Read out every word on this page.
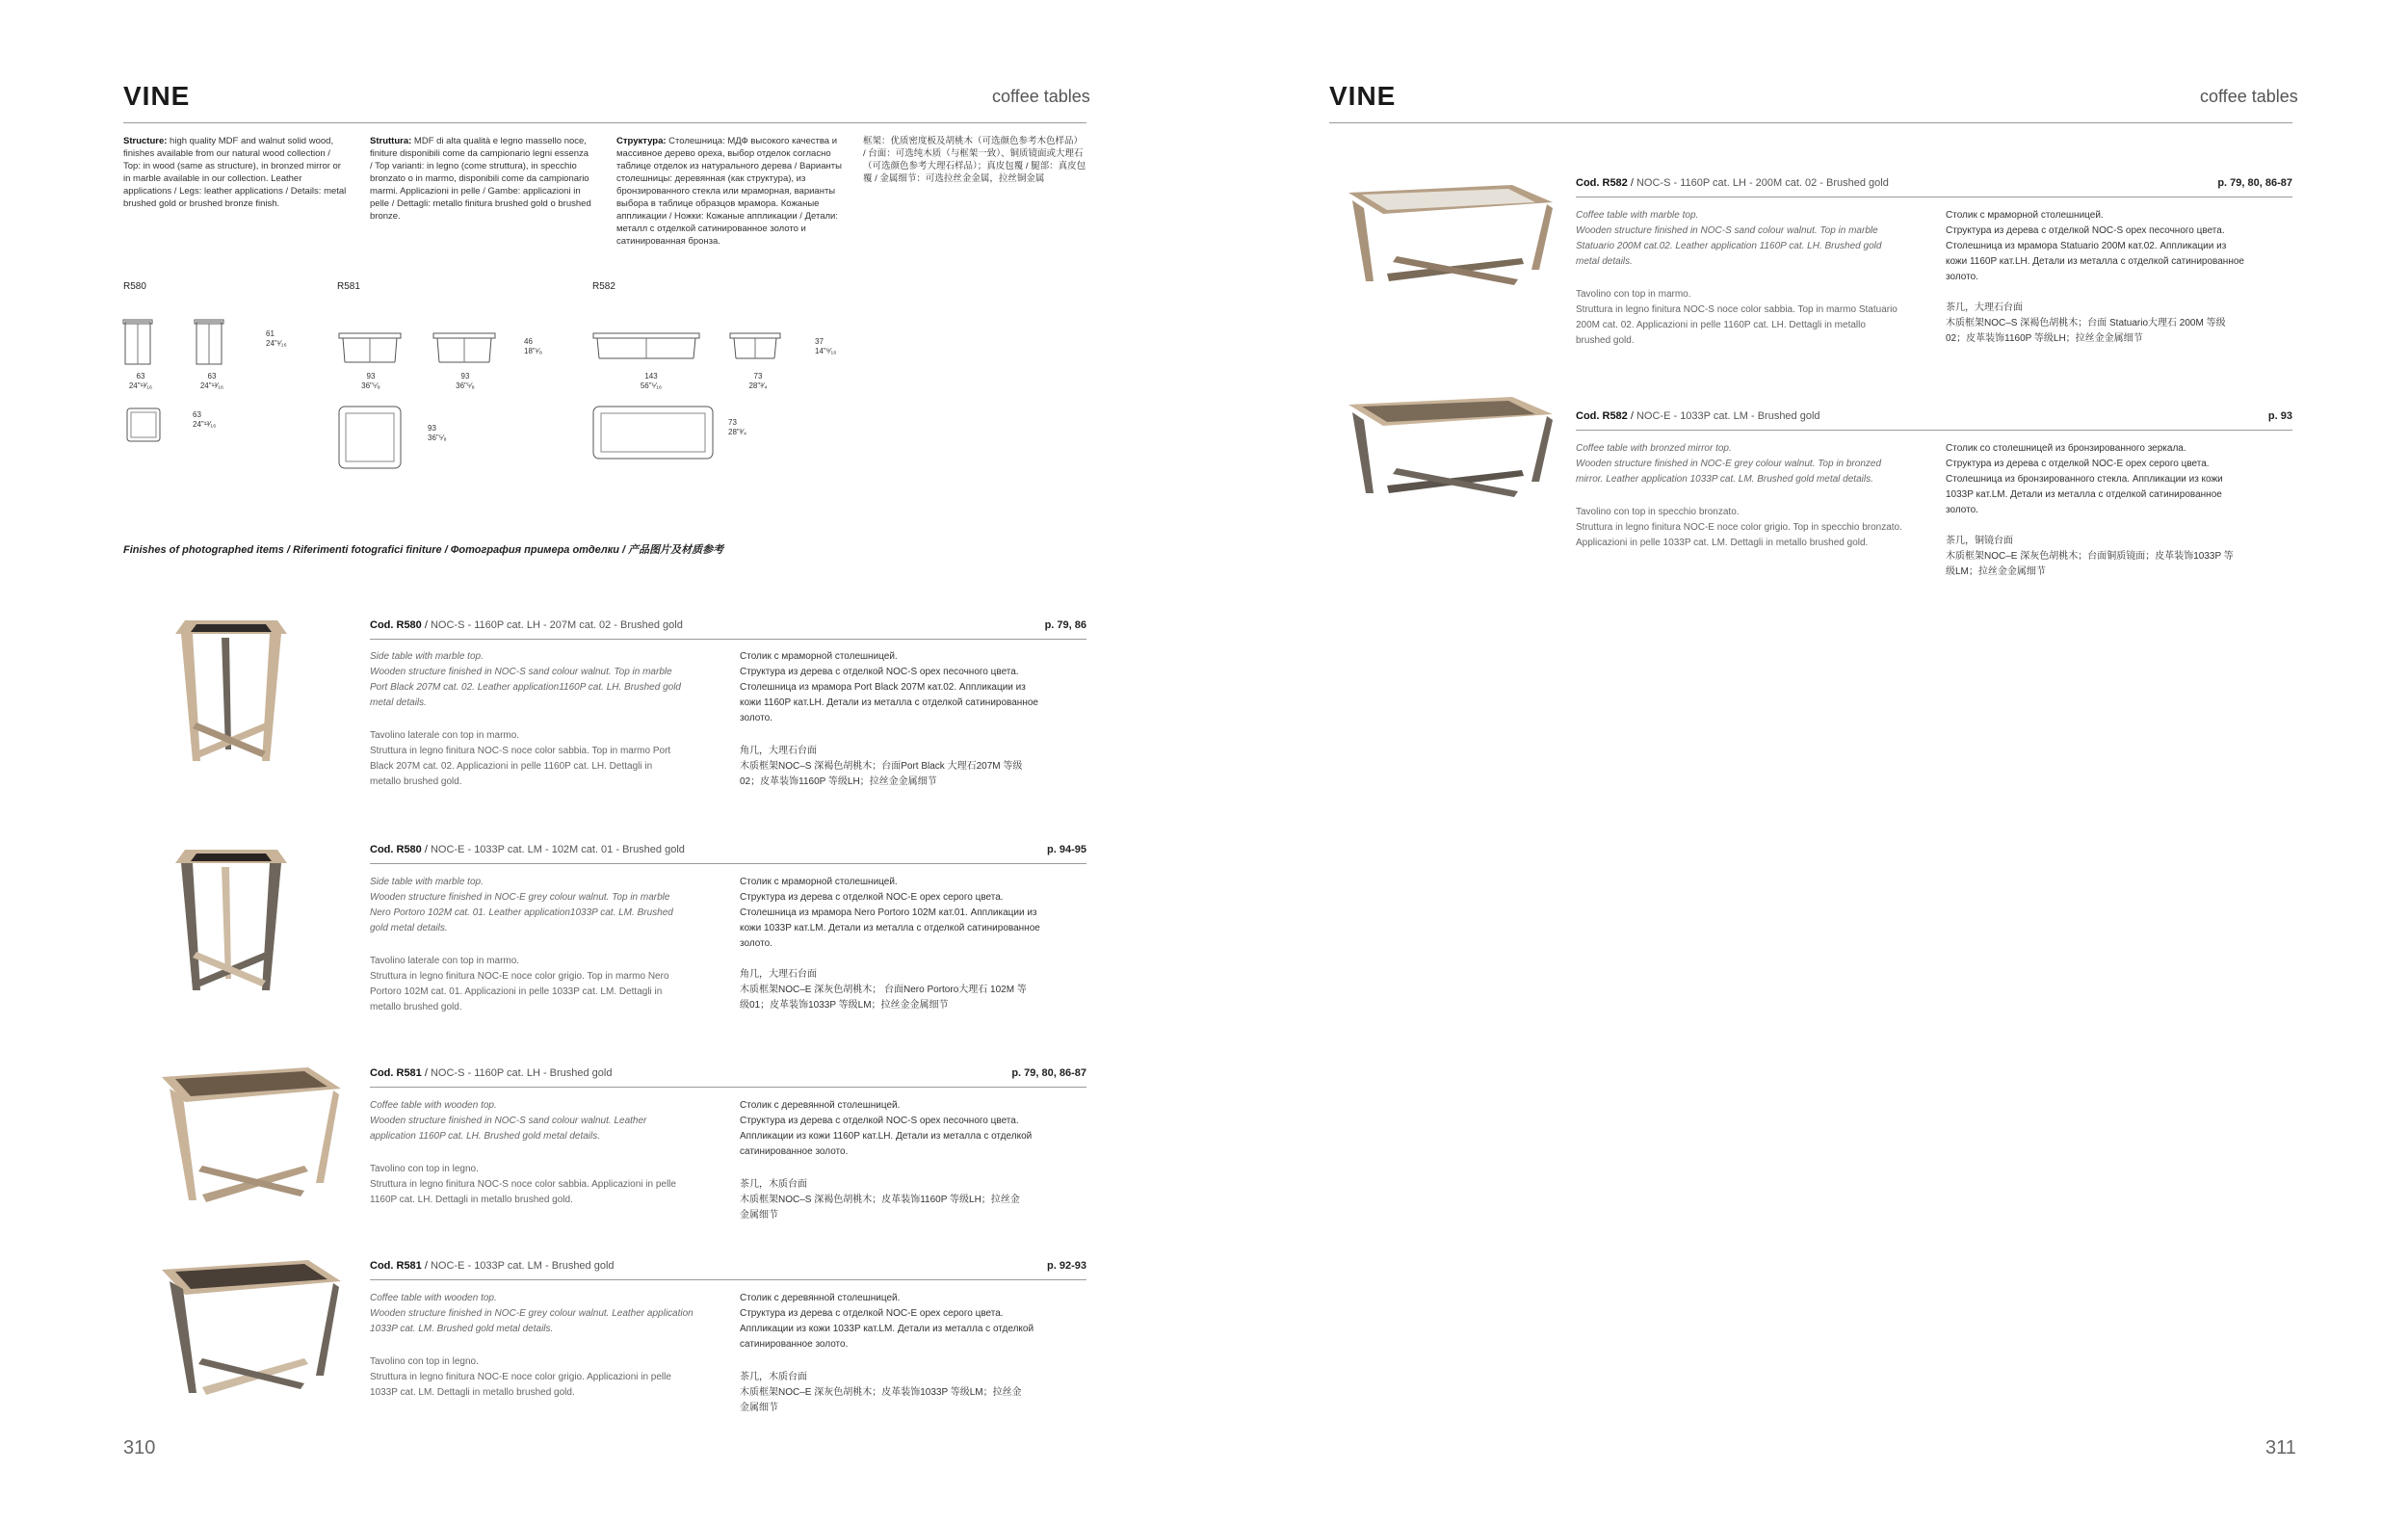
VINE	coffee tables
Structure: high quality MDF and walnut solid wood, finishes available from our natural wood collection / Top: in wood (same as structure), in bronzed mirror or in marble available in our collection. Leather applications / Legs: leather applications / Details: metal brushed gold or brushed bronze finish.
Struttura: MDF di alta qualità e legno massello noce, finiture disponibili come da campionario legni essenza / Top varianti: in legno (come struttura), in specchio bronzato o in marmo, disponibili come da campionario marmi. Applicazioni in pelle / Gambe: applicazioni in pelle / Dettagli: metallo finitura brushed gold o brushed bronze.
Структура: Столешница: МДФ высокого качества и массивное дерево ореха, выбор отделок согласно таблице отделок из натурального дерева / Варианты столешницы: деревянная (как структура), из бронзированного стекла или мраморная, варианты выбора в таблице образцов мрамора. Кожаные аппликации / Ножки: Кожаные аппликации / Детали: металл с отделкой сатинированное золото и сатинированная бронза.
框架：优质密度板及胡桃木（可选颜色参考木色样品） / 台面：可选纯木质（与框架一致）、铜质镜面或大理石（可选颜色参考大理石样品）；真皮包覆 / 腿部：真皮包覆 / 金属细节：可选拉丝金金属，拉丝铜金属
R580	R581	R582
61
24"¹⁄₁₆
63
24"¹³⁄₁₆
63
24"¹³⁄₁₆
63
24"¹³⁄₁₆
46
18"¹⁄₈
93
36"⁵⁄₈
93
36"⁵⁄₈
93
36"⁵⁄₈
37
14"⁹⁄₁₆
143
56"⁵⁄₁₆
73
28"³⁄₄
73
28"³⁄₄
Finishes of photographed items / Riferimenti fotografici finiture / Фотография примера отделки / 产品图片及材质参考
Cod. R580 / NOC-S - 1160P cat. LH - 207M cat. 02 - Brushed gold	p. 79, 86
Side table with marble top.
Wooden structure finished in NOC-S sand colour walnut. Top in marble
Port Black 207M cat. 02. Leather application1160P cat. LH. Brushed gold
metal details.
Tavolino laterale con top in marmo.
Struttura in legno finitura NOC-S noce color sabbia. Top in marmo Port
Black 207M cat. 02. Applicazioni in pelle 1160P cat. LH. Dettagli in
metallo brushed gold.
Столик с мраморной столешницей.
Структура из дерева с отделкой NOC-S орех песочного цвета.
Столешница из мрамора Port Black 207M кат.02. Аппликации из
кожи 1160P кат.LH. Детали из металла с отделкой сатинированное
золото.
角几，大理石台面
木质框架NOC–S 深褐色胡桃木；台面Port Black 大理石207M 等级
02；皮革装饰1160P 等级LH；拉丝金金属细节
Cod. R580 / NOC-E - 1033P cat. LM - 102M cat. 01 - Brushed gold	p. 94-95
Side table with marble top.
Wooden structure finished in NOC-E grey colour walnut. Top in marble
Nero Portoro 102M cat. 01. Leather application1033P cat. LM. Brushed
gold metal details.
Tavolino laterale con top in marmo.
Struttura in legno finitura NOC-E noce color grigio. Top in marmo Nero
Portoro 102M cat. 01. Applicazioni in pelle 1033P cat. LM. Dettagli in
metallo brushed gold.
Столик с мраморной столешницей.
Структура из дерева с отделкой NOC-E орех серого цвета.
Столешница из мрамора Nero Portoro 102M кат.01. Аппликации из
кожи 1033P кат.LM. Детали из металла с отделкой сатинированное
золото.
角几，大理石台面
木质框架NOC–E 深灰色胡桃木； 台面Nero Portoro大理石 102M 等
级01；皮革装饰1033P 等级LM；拉丝金金属细节
Cod. R581 / NOC-S - 1160P cat. LH - Brushed gold	p. 79, 80, 86-87
Coffee table with wooden top.
Wooden structure finished in NOC-S sand colour walnut. Leather
application 1160P cat. LH. Brushed gold metal details.
Tavolino con top in legno.
Struttura in legno finitura NOC-S noce color sabbia. Applicazioni in pelle
1160P cat. LH. Dettagli in metallo brushed gold.
Столик с деревянной столешницей.
Структура из дерева с отделкой NOC-S орех песочного цвета.
Аппликации из кожи 1160P кат.LH. Детали из металла с отделкой
сатинированное золото.
茶几，木质台面
木质框架NOC–S 深褐色胡桃木；皮革装饰1160P 等级LH；拉丝金
金属细节
Cod. R581 / NOC-E - 1033P cat. LM - Brushed gold	p. 92-93
Coffee table with wooden top.
Wooden structure finished in NOC-E grey colour walnut. Leather application
1033P cat. LM. Brushed gold metal details.
Tavolino con top in legno.
Struttura in legno finitura NOC-E noce color grigio. Applicazioni in pelle
1033P cat. LM. Dettagli in metallo brushed gold.
Столик с деревянной столешницей.
Структура из дерева с отделкой NOC-E орех серого цвета.
Аппликации из кожи 1033P кат.LM. Детали из металла с отделкой
сатинированное золото.
茶几，木质台面
木质框架NOC–E 深灰色胡桃木；皮革装饰1033P 等级LM；拉丝金
金属细节
310
VINE	coffee tables
Cod. R582 / NOC-S - 1160P cat. LH - 200M cat. 02 - Brushed gold	p. 79, 80, 86-87
Coffee table with marble top.
Wooden structure finished in NOC-S sand colour walnut. Top in marble
Statuario 200M cat.02. Leather application 1160P cat. LH. Brushed gold
metal details.
Tavolino con top in marmo.
Struttura in legno finitura NOC-S noce color sabbia. Top in marmo Statuario
200M cat. 02. Applicazioni in pelle 1160P cat. LH. Dettagli in metallo
brushed gold.
Столик с мраморной столешницей.
Структура из дерева с отделкой NOC-S орех песочного цвета.
Столешница из мрамора Statuario 200M кат.02. Аппликации из
кожи 1160P кат.LH. Детали из металла с отделкой сатинированное
золото.
茶几，大理石台面
木质框架NOC–S 深褐色胡桃木；台面 Statuario大理石 200M 等级
02；皮革装饰1160P 等级LH；拉丝金金属细节
Cod. R582 / NOC-E - 1033P cat. LM - Brushed gold	p. 93
Coffee table with bronzed mirror top.
Wooden structure finished in NOC-E grey colour walnut. Top in bronzed
mirror. Leather application 1033P cat. LM. Brushed gold metal details.
Tavolino con top in specchio bronzato.
Struttura in legno finitura NOC-E noce color grigio. Top in specchio bronzato.
Applicazioni in pelle 1033P cat. LM. Dettagli in metallo brushed gold.
Столик со столешницей из бронзированного зеркала.
Структура из дерева с отделкой NOC-E орех серого цвета.
Столешница из бронзированного стекла. Аппликации из кожи
1033P кат.LM. Детали из металла с отделкой сатинированное
золото.
茶几，铜镜台面
木质框架NOC–E 深灰色胡桃木；台面铜质镜面；皮革装饰1033P 等
级LM；拉丝金金属细节
311
